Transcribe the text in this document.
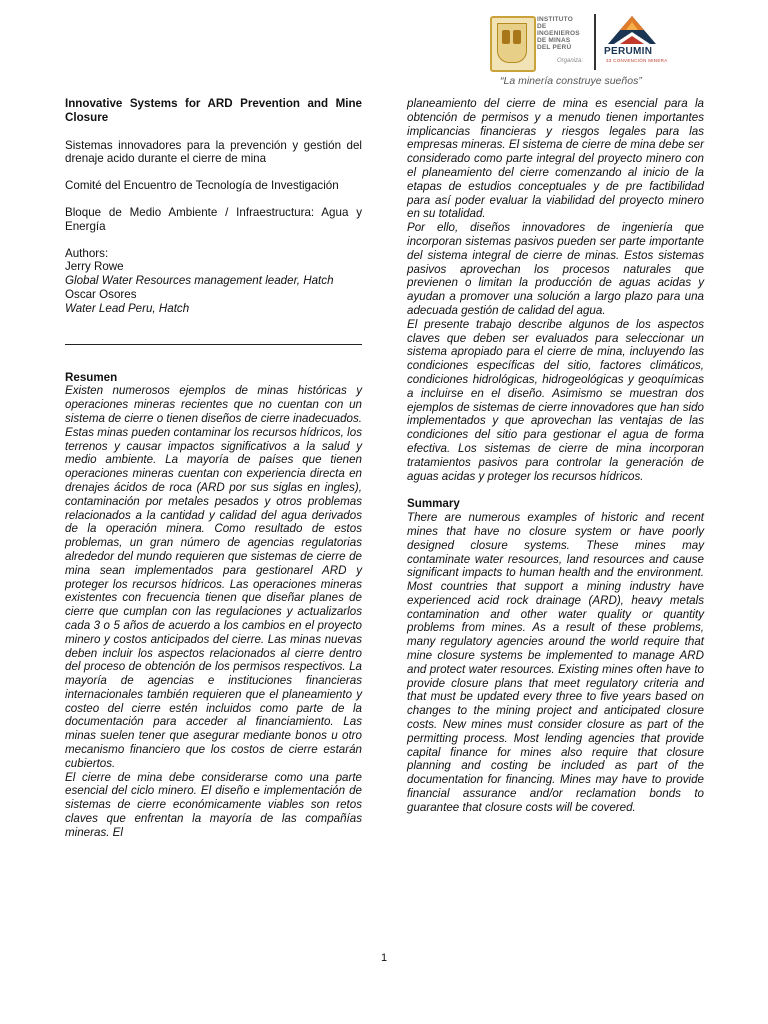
INSTITUTO
DE
INGENIEROS
DE MINAS
DEL PERÚ
Organiza:
PERUMIN
33 CONVENCIÓN MINERA
“La minería construye sueños”

Innovative Systems for ARD Prevention and Mine Closure

Sistemas innovadores para la prevención y gestión del drenaje acido durante el cierre de mina

Comité del Encuentro de Tecnología de Investigación

Bloque de Medio Ambiente / Infraestructura: Agua y Energía

Authors:

Jerry Rowe

Global Water Resources management leader, Hatch

Oscar Osores

Water Lead Peru, Hatch

Resumen

Existen numerosos ejemplos de minas históricas y operaciones mineras recientes que no cuentan con un sistema de cierre o tienen diseños de cierre inadecuados. Estas minas pueden contaminar los recursos hídricos, los terrenos y causar impactos significativos a la salud y medio ambiente. La mayoría de países que tienen operaciones mineras cuentan con experiencia directa en drenajes ácidos de roca (ARD por sus siglas en ingles), contaminación por metales pesados y otros problemas relacionados a la cantidad y calidad del agua derivados de la operación minera. Como resultado de estos problemas, un gran número de agencias regulatorias alrededor del mundo requieren que sistemas de cierre de mina sean implementados para gestionarel ARD y proteger los recursos hídricos. Las operaciones mineras existentes con frecuencia tienen que diseñar planes de cierre que cumplan con las regulaciones y actualizarlos cada 3 o 5 años de acuerdo a los cambios en el proyecto minero y costos anticipados del cierre. Las minas nuevas deben incluir los aspectos relacionados al cierre dentro del proceso de obtención de los permisos respectivos. La mayoría de agencias e instituciones financieras internacionales también requieren que el planeamiento y costeo del cierre estén incluidos como parte de la documentación para acceder al financiamiento. Las minas suelen tener que asegurar mediante bonos u otro mecanismo financiero que los costos de cierre estarán cubiertos.

El cierre de mina debe considerarse como una parte esencial del ciclo minero. El diseño e implementación de sistemas de cierre económicamente viables son retos claves que enfrentan la mayoría de las compañías mineras. El

planeamiento del cierre de mina es esencial para la obtención de permisos y a menudo tienen importantes implicancias financieras y riesgos legales para las empresas mineras. El sistema de cierre de mina debe ser considerado como parte integral del proyecto minero con el planeamiento del cierre comenzando al inicio de la etapas de estudios conceptuales y de pre factibilidad para así poder evaluar la viabilidad del proyecto minero en su totalidad.

Por ello, diseños innovadores de ingeniería que incorporan sistemas pasivos pueden ser parte importante del sistema integral de cierre de minas. Estos sistemas pasivos aprovechan los procesos naturales que previenen o limitan la producción de aguas acidas y ayudan a promover una solución a largo plazo para una adecuada gestión de calidad del agua.

El presente trabajo describe algunos de los aspectos claves que deben ser evaluados para seleccionar un sistema apropiado para el cierre de mina, incluyendo las condiciones específicas del sitio, factores climáticos, condiciones hidrológicas, hidrogeológicas y geoquímicas a incluirse en el diseño. Asimismo se muestran dos ejemplos de sistemas de cierre innovadores que han sido implementados y que aprovechan las ventajas de las condiciones del sitio para gestionar el agua de forma efectiva. Los sistemas de cierre de mina incorporan tratamientos pasivos para controlar la generación de aguas acidas y proteger los recursos hídricos.

Summary

There are numerous examples of historic and recent mines that have no closure system or have poorly designed closure systems. These mines may contaminate water resources, land resources and cause significant impacts to human health and the environment. Most countries that support a mining industry have experienced acid rock drainage (ARD), heavy metals contamination and other water quality or quantity problems from mines. As a result of these problems, many regulatory agencies around the world require that mine closure systems be implemented to manage ARD and protect water resources. Existing mines often have to provide closure plans that meet regulatory criteria and that must be updated every three to five years based on changes to the mining project and anticipated closure costs. New mines must consider closure as part of the permitting process. Most lending agencies that provide capital finance for mines also require that closure planning and costing be included as part of the documentation for financing. Mines may have to provide financial assurance and/or reclamation bonds to guarantee that closure costs will be covered.

1
